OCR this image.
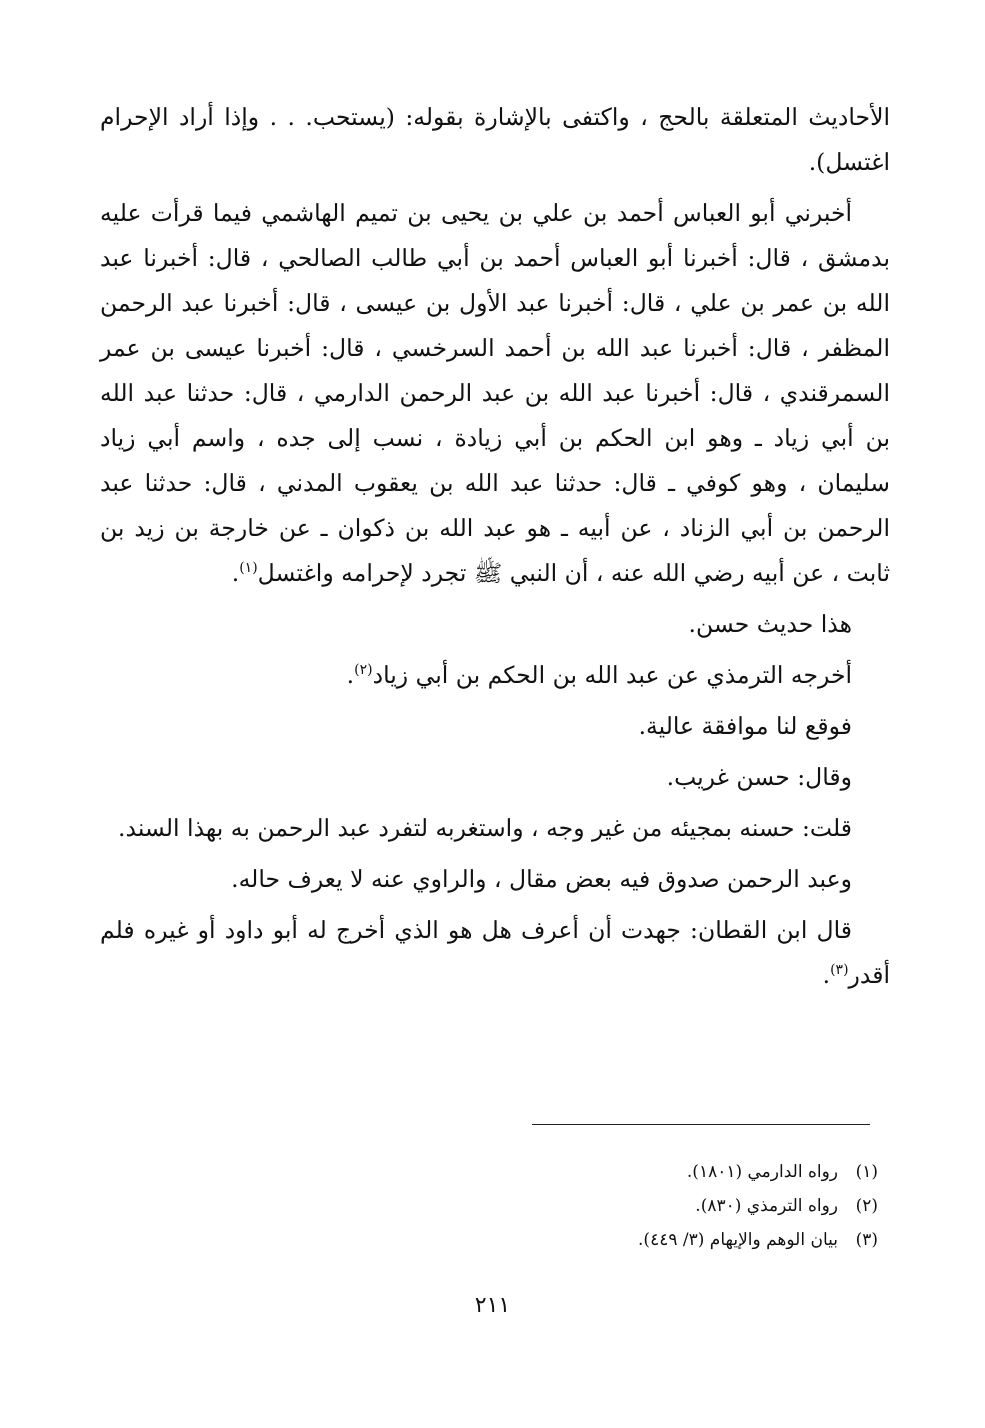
الأحاديث المتعلقة بالحج ، واكتفى بالإشارة بقوله: (يستحب. . . وإذا أراد الإحرام اغتسل).

أخبرني أبو العباس أحمد بن علي بن يحيى بن تميم الهاشمي فيما قرأت عليه بدمشق ، قال: أخبرنا أبو العباس أحمد بن أبي طالب الصالحي ، قال: أخبرنا عبد الله بن عمر بن علي ، قال: أخبرنا عبد الأول بن عيسى ، قال: أخبرنا عبد الرحمن المظفر ، قال: أخبرنا عبد الله بن أحمد السرخسي ، قال: أخبرنا عيسى بن عمر السمرقندي ، قال: أخبرنا عبد الله بن عبد الرحمن الدارمي ، قال: حدثنا عبد الله بن أبي زياد ـ وهو ابن الحكم بن أبي زيادة ، نسب إلى جده ، واسم أبي زياد سليمان ، وهو كوفي ـ قال: حدثنا عبد الله بن يعقوب المدني ، قال: حدثنا عبد الرحمن بن أبي الزناد ، عن أبيه ـ هو عبد الله بن ذكوان ـ عن خارجة بن زيد بن ثابت ، عن أبيه رضي الله عنه ، أن النبي ﷺ تجرد لإحرامه واغتسل$^{(١)}$.

هذا حديث حسن.

أخرجه الترمذي عن عبد الله بن الحكم بن أبي زياد$^{(٢)}$.

فوقع لنا موافقة عالية.

وقال: حسن غريب.

قلت: حسنه بمجيئه من غير وجه ، واستغربه لتفرد عبد الرحمن به بهذا السند.

وعبد الرحمن صدوق فيه بعض مقال ، والراوي عنه لا يعرف حاله.

قال ابن القطان: جهدت أن أعرف هل هو الذي أخرج له أبو داود أو غيره فلم أقدر$^{(٣)}$.

(١)
رواه الدارمي (١٨٠١).
(٢)
رواه الترمذي (٨٣٠).
(٣)
بيان الوهم والإيهام (٣/ ٤٤٩).
٢١١
